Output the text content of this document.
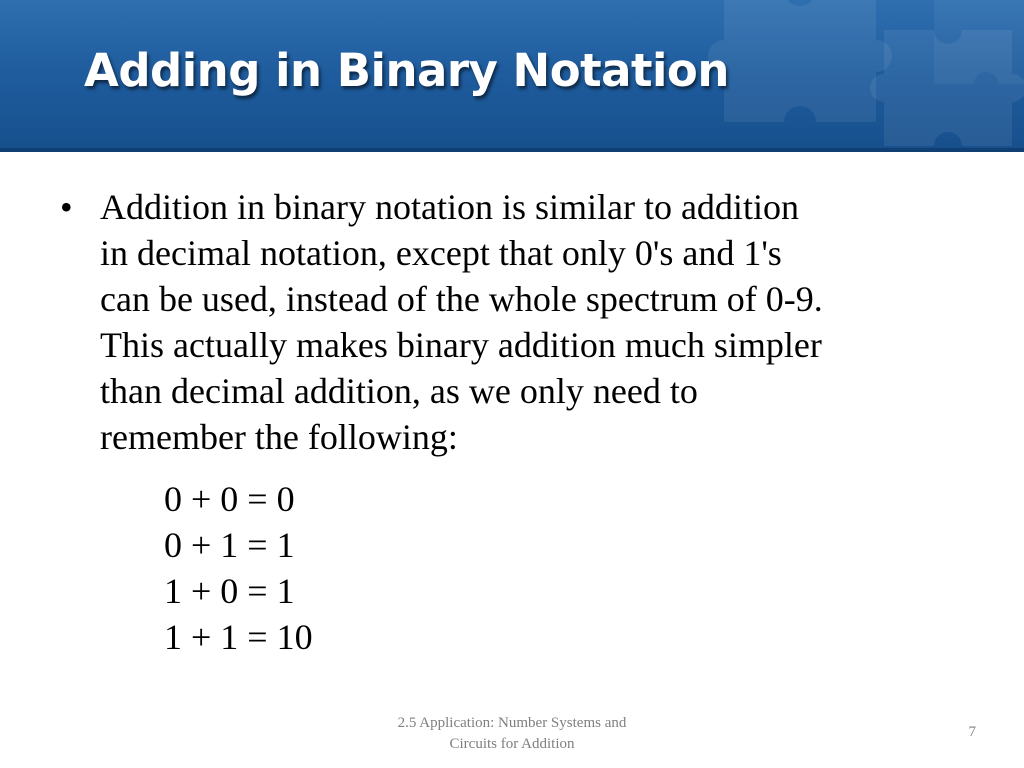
Adding in Binary Notation
• Addition in binary notation is similar to addition
in decimal notation, except that only 0's and 1's
can be used, instead of the whole spectrum of 0-9.
This actually makes binary addition much simpler
than decimal addition, as we only need to
remember the following:
0 + 0 = 0
0 + 1 = 1
1 + 0 = 1
1 + 1 = 10
2.5 Application: Number Systems and
Circuits for Addition
7
